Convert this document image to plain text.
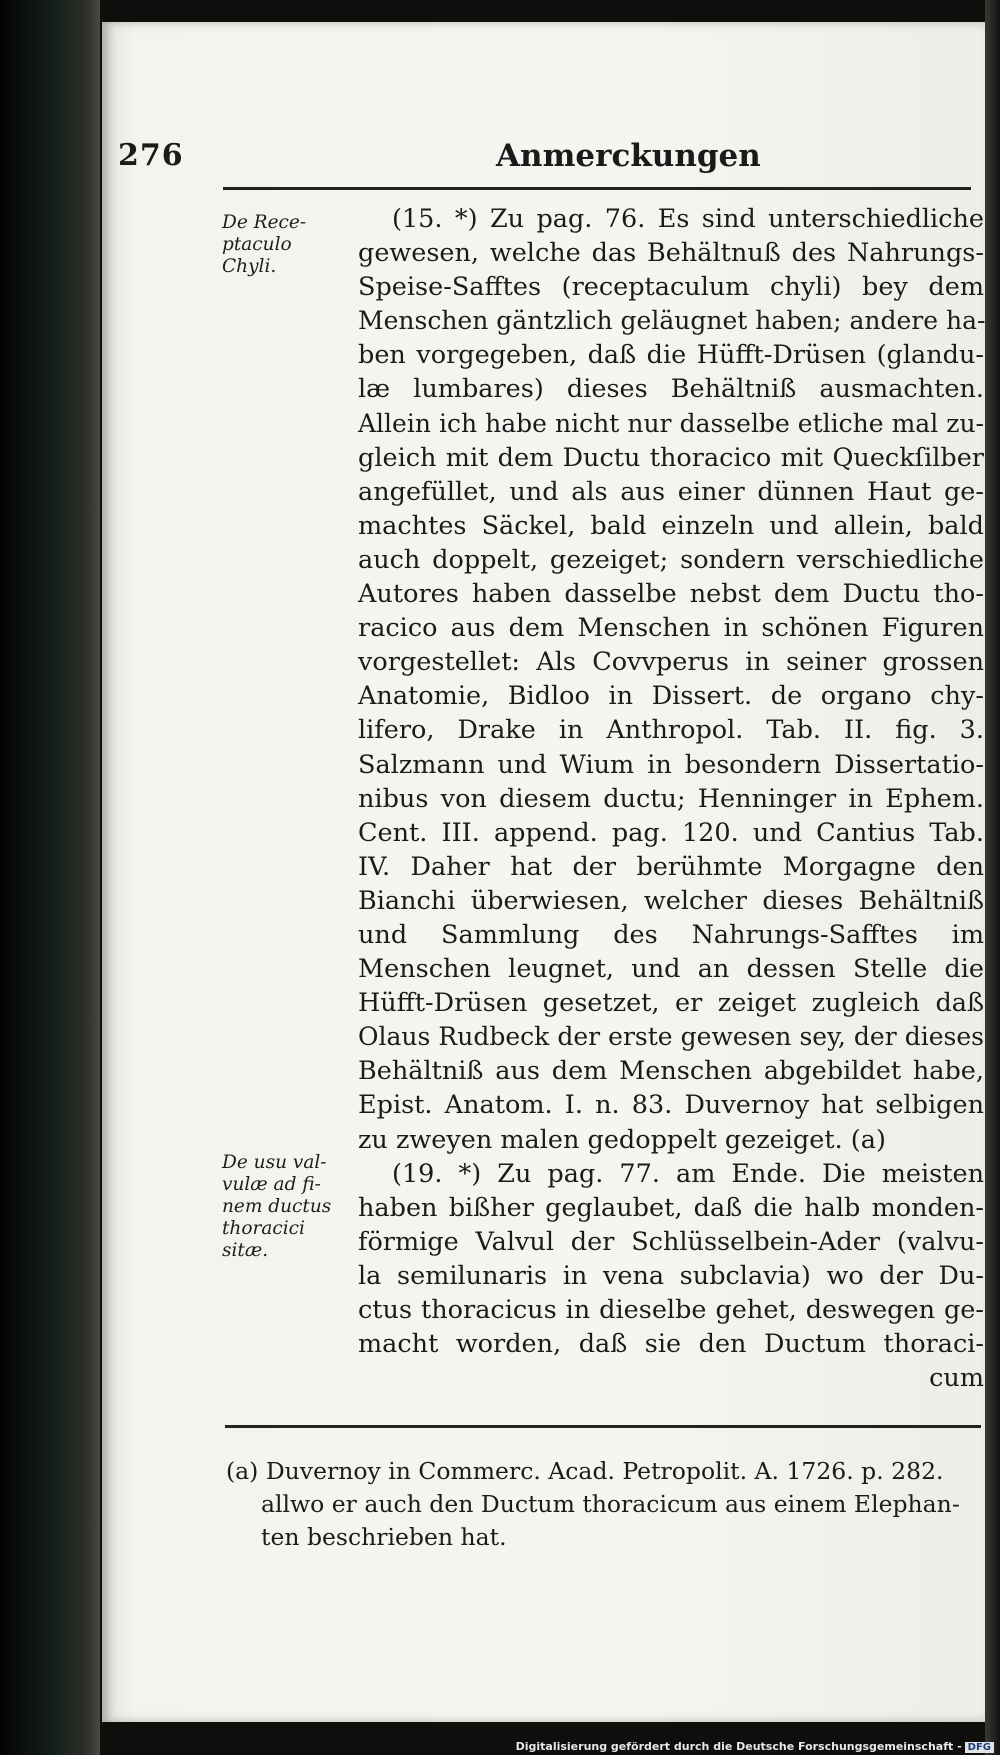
276	Anmerckungen
De Rece-
ptaculo
Chyli.
De usu val-
vulæ ad fi-
nem ductus
thoracici
sitæ.
(15. *) Zu pag. 76. Es sind unterschiedliche
gewesen, welche das Behältnuß des Nahrungs-
Speise-Safftes (receptaculum chyli) bey dem
Menschen gäntzlich geläugnet haben; andere ha-
ben vorgegeben, daß die Hüfft-Drüsen (glandu-
læ lumbares) dieses Behältniß ausmachten.
Allein ich habe nicht nur dasselbe etliche mal zu-
gleich mit dem Ductu thoracico mit Queckſilber
angefüllet, und als aus einer dünnen Haut ge-
machtes Säckel, bald einzeln und allein, bald
auch doppelt, gezeiget; sondern verschiedliche
Autores haben dasselbe nebst dem Ductu tho-
racico aus dem Menschen in schönen Figuren
vorgestellet: Als Covvperus in seiner grossen
Anatomie, Bidloo in Dissert. de organo chy-
lifero, Drake in Anthropol. Tab. II. fig. 3.
Salzmann und Wium in besondern Dissertatio-
nibus von diesem ductu; Henninger in Ephem.
Cent. III. append. pag. 120. und Cantius Tab.
IV. Daher hat der berühmte Morgagne den
Bianchi überwiesen, welcher dieses Behältniß
und Sammlung des Nahrungs-Safftes im
Menschen leugnet, und an dessen Stelle die
Hüfft-Drüsen gesetzet, er zeiget zugleich daß
Olaus Rudbeck der erste gewesen sey, der dieses
Behältniß aus dem Menschen abgebildet habe,
Epist. Anatom. I. n. 83. Duvernoy hat selbigen
zu zweyen malen gedoppelt gezeiget. (a)
(19. *) Zu pag. 77. am Ende. Die meisten
haben bißher geglaubet, daß die halb monden-
förmige Valvul der Schlüsselbein-Ader (valvu-
la semilunaris in vena subclavia) wo der Du-
ctus thoracicus in dieselbe gehet, deswegen ge-
macht worden, daß sie den Ductum thoraci-
cum
(a) Duvernoy in Commerc. Acad. Petropolit. A. 1726. p. 282.
allwo er auch den Ductum thoracicum aus einem Elephan-
ten beschrieben hat.
Digitalisierung gefördert durch die Deutsche Forschungsgemeinschaft - DFG
